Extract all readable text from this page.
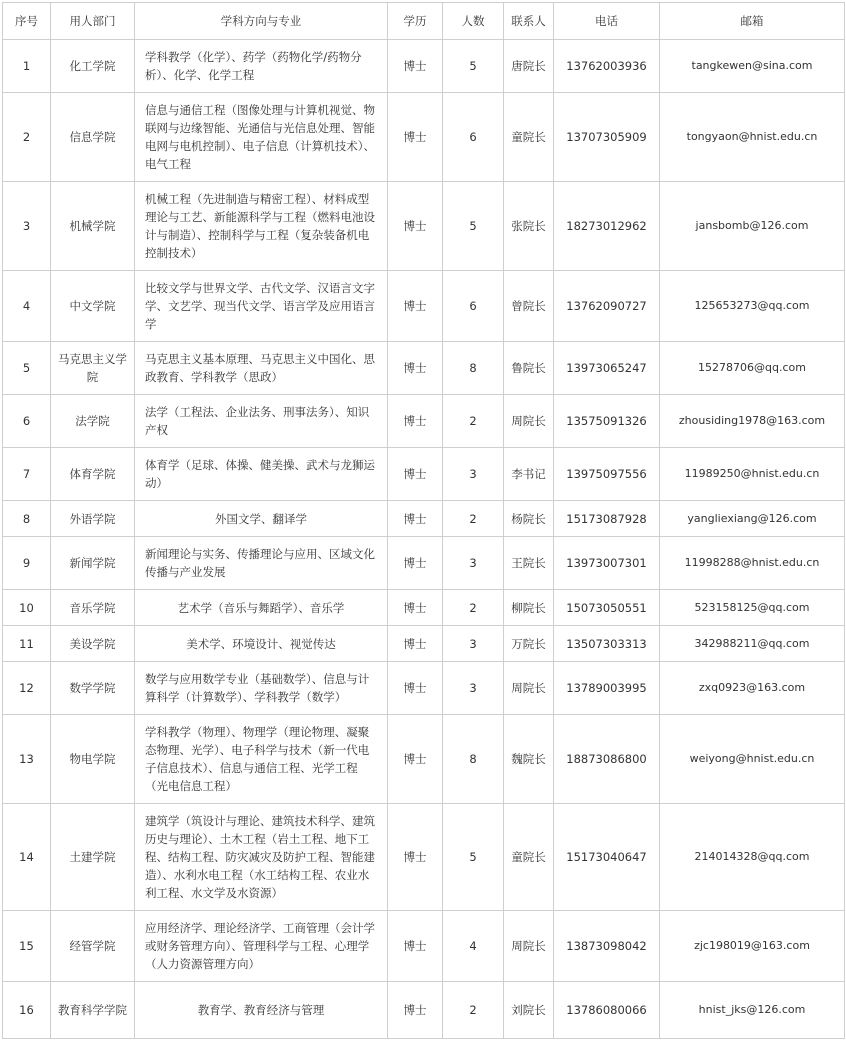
序号	用人部门	学科方向与专业	学历	人数	联系人	电话	邮箱
1	化工学院	学科教学（化学）、药学（药物化学/药物分析）、化学、化学工程	博士	5	唐院长	13762003936	tangkewen@sina.com
2	信息学院	信息与通信工程（图像处理与计算机视觉、物联网与边缘智能、光通信与光信息处理、智能电网与电机控制）、电子信息（计算机技术）、电气工程	博士	6	童院长	13707305909	tongyaon@hnist.edu.cn
3	机械学院	机械工程（先进制造与精密工程）、材料成型理论与工艺、新能源科学与工程（燃料电池设计与制造）、控制科学与工程（复杂装备机电控制技术）	博士	5	张院长	18273012962	jansbomb@126.com
4	中文学院	比较文学与世界文学、古代文学、汉语言文字学、文艺学、现当代文学、语言学及应用语言学	博士	6	曾院长	13762090727	125653273@qq.com
5	马克思主义学院	马克思主义基本原理、马克思主义中国化、思政教育、学科教学（思政）	博士	8	鲁院长	13973065247	15278706@qq.com
6	法学院	法学（工程法、企业法务、刑事法务）、知识产权	博士	2	周院长	13575091326	zhousiding1978@163.com
7	体育学院	体育学（足球、体操、健美操、武术与龙狮运动）	博士	3	李书记	13975097556	11989250@hnist.edu.cn
8	外语学院	外国文学、翻译学	博士	2	杨院长	15173087928	yangliexiang@126.com
9	新闻学院	新闻理论与实务、传播理论与应用、区域文化传播与产业发展	博士	3	王院长	13973007301	11998288@hnist.edu.cn
10	音乐学院	艺术学（音乐与舞蹈学）、音乐学	博士	2	柳院长	15073050551	523158125@qq.com
11	美设学院	美术学、环境设计、视觉传达	博士	3	万院长	13507303313	342988211@qq.com
12	数学学院	数学与应用数学专业（基础数学）、信息与计算科学（计算数学）、学科教学（数学）	博士	3	周院长	13789003995	zxq0923@163.com
13	物电学院	学科教学（物理）、物理学（理论物理、凝聚态物理、光学）、电子科学与技术（新一代电子信息技术）、信息与通信工程、光学工程（光电信息工程）	博士	8	魏院长	18873086800	weiyong@hnist.edu.cn
14	土建学院	建筑学（筑设计与理论、建筑技术科学、建筑历史与理论）、土木工程（岩土工程、地下工程、结构工程、防灾减灾及防护工程、智能建造）、水利水电工程（水工结构工程、农业水利工程、水文学及水资源）	博士	5	童院长	15173040647	214014328@qq.com
15	经管学院	应用经济学、理论经济学、工商管理（会计学或财务管理方向）、管理科学与工程、心理学（人力资源管理方向）	博士	4	周院长	13873098042	zjc198019@163.com
16	教育科学学院	教育学、教育经济与管理	博士	2	刘院长	13786080066	hnist_jks@126.com
